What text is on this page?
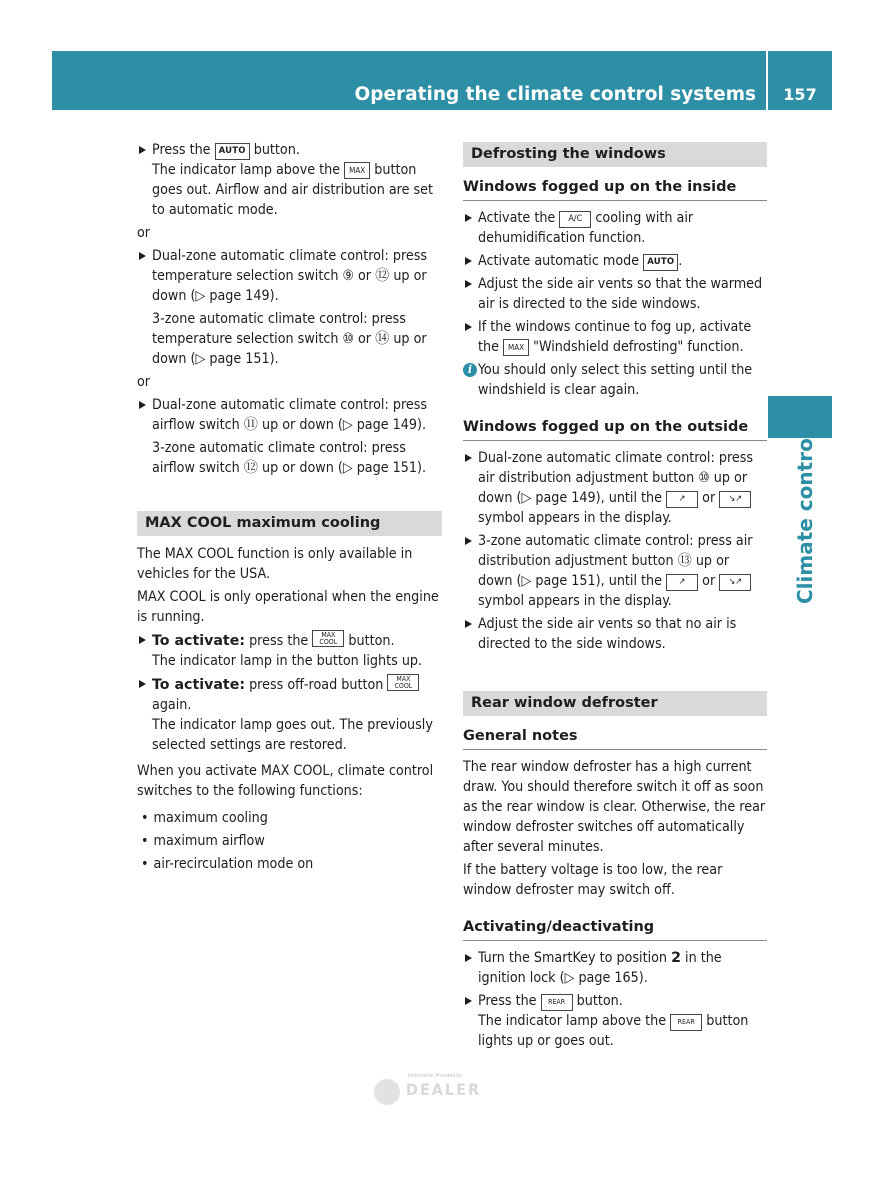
Operating the climate control systems	157
Climate control
Press the AUTO button.
The indicator lamp above the MAX button goes out. Airflow and air distribution are set to automatic mode.

or

Dual-zone automatic climate control: press temperature selection switch ⑨ or ⑫ up or down (▷ page 149).
3-zone automatic climate control: press temperature selection switch ⑩ or ⑭ up or down (▷ page 151).

or

Dual-zone automatic climate control: press airflow switch ⑪ up or down (▷ page 149).
3-zone automatic climate control: press airflow switch ⑫ up or down (▷ page 151).
MAX COOL maximum cooling

The MAX COOL function is only available in vehicles for the USA.

MAX COOL is only operational when the engine is running.

To activate: press the MAX COOL button.
The indicator lamp in the button lights up.
To activate: press off-road button MAX COOL
again.
The indicator lamp goes out. The previously selected settings are restored.

When you activate MAX COOL, climate control switches to the following functions:

• maximum cooling
• maximum airflow
• air-recirculation mode on
Defrosting the windows
Windows fogged up on the inside
Activate the A/C cooling with air dehumidification function.
Activate automatic mode AUTO .
Adjust the side air vents so that the warmed air is directed to the side windows.
If the windows continue to fog up, activate the MAX "Windshield defrosting" function.
i You should only select this setting until the windshield is clear again.
Windows fogged up on the outside
Dual-zone automatic climate control: press air distribution adjustment button ⑩ up or down (▷ page 149), until the ↗ or ↘↗ symbol appears in the display.
3-zone automatic climate control: press air distribution adjustment button ⑬ up or down (▷ page 151), until the ↗ or ↘↗ symbol appears in the display.
Adjust the side air vents so that no air is directed to the side windows.
Rear window defroster
General notes

The rear window defroster has a high current draw. You should therefore switch it off as soon as the rear window is clear. Otherwise, the rear window defroster switches off automatically after several minutes.

If the battery voltage is too low, the rear window defroster may switch off.

Activating/deactivating
Turn the SmartKey to position 2 in the ignition lock (▷ page 165).
Press the REAR button.
The indicator lamp above the REAR button lights up or goes out.
Information Provided by:
DEALER
